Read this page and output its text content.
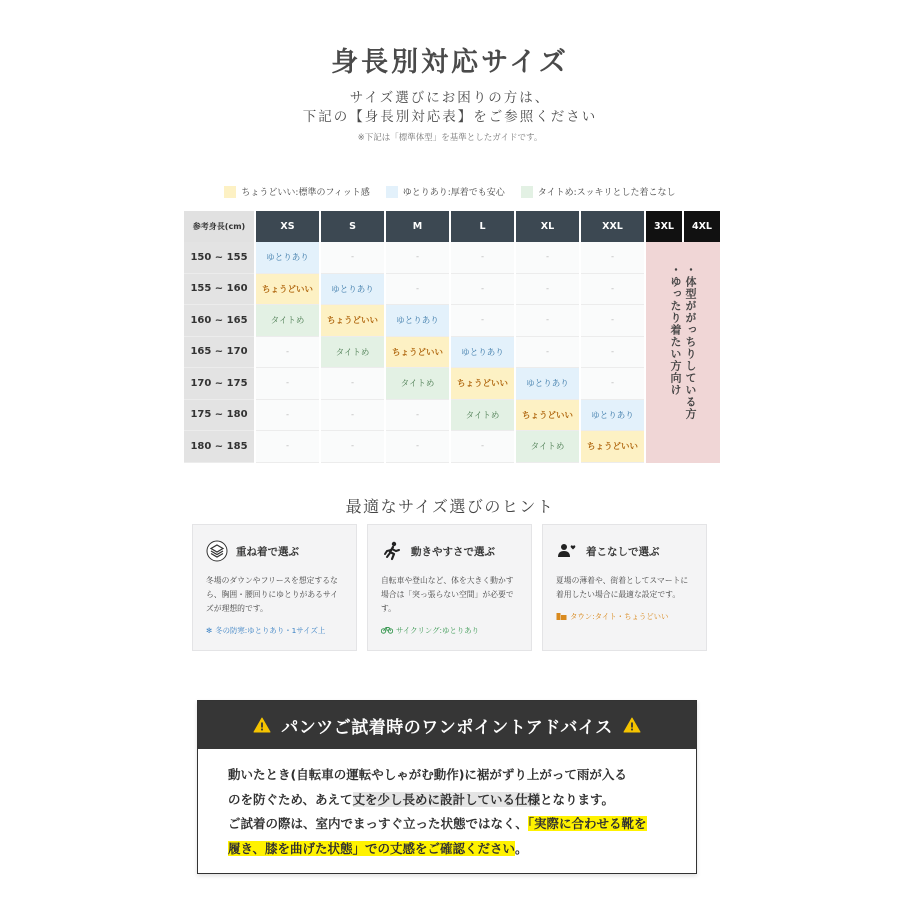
身長別対応サイズ
サイズ選びにお困りの方は、
下記の【身長別対応表】をご参照ください
※下記は「標準体型」を基準としたガイドです。
ちょうどいい:標準のフィット感	ゆとりあり:厚着でも安心	タイトめ:スッキリとした着こなし
参考身長(cm)	XS	S	M	L	XL	XXL	3XL	4XL
150 ~ 155	ゆとりあり	-	-	-	-	-	・体型ががっちりしている方
・ゆったり着たい方向け	
155 ~ 160	ちょうどいい	ゆとりあり	-	-	-	-		
160 ~ 165	タイトめ	ちょうどいい	ゆとりあり	-	-	-		
165 ~ 170	-	タイトめ	ちょうどいい	ゆとりあり	-	-		
170 ~ 175	-	-	タイトめ	ちょうどいい	ゆとりあり	-		
175 ~ 180	-	-	-	タイトめ	ちょうどいい	ゆとりあり		
180 ~ 185	-	-	-	-	タイトめ	ちょうどいい		
最適なサイズ選びのヒント
重ね着で選ぶ
冬場のダウンやフリースを想定するなら、胸囲・腰回りにゆとりがあるサイズが理想的です。
✻ 冬の防寒:ゆとりあり・1サイズ上
動きやすさで選ぶ
自転車や登山など、体を大きく動かす場合は「突っ張らない空間」が必要です。
サイクリング:ゆとりあり
着こなしで選ぶ
夏場の薄着や、街着としてスマートに着用したい場合に最適な設定です。
タウン:タイト・ちょうどいい
パンツご試着時のワンポイントアドバイス
動いたとき(自転車の運転やしゃがむ動作)に裾がずり上がって雨が入る
のを防ぐため、あえて丈を少し長めに設計している仕様となります。
ご試着の際は、室内でまっすぐ立った状態ではなく、「実際に合わせる靴を
履き、膝を曲げた状態」での丈感をご確認ください。
